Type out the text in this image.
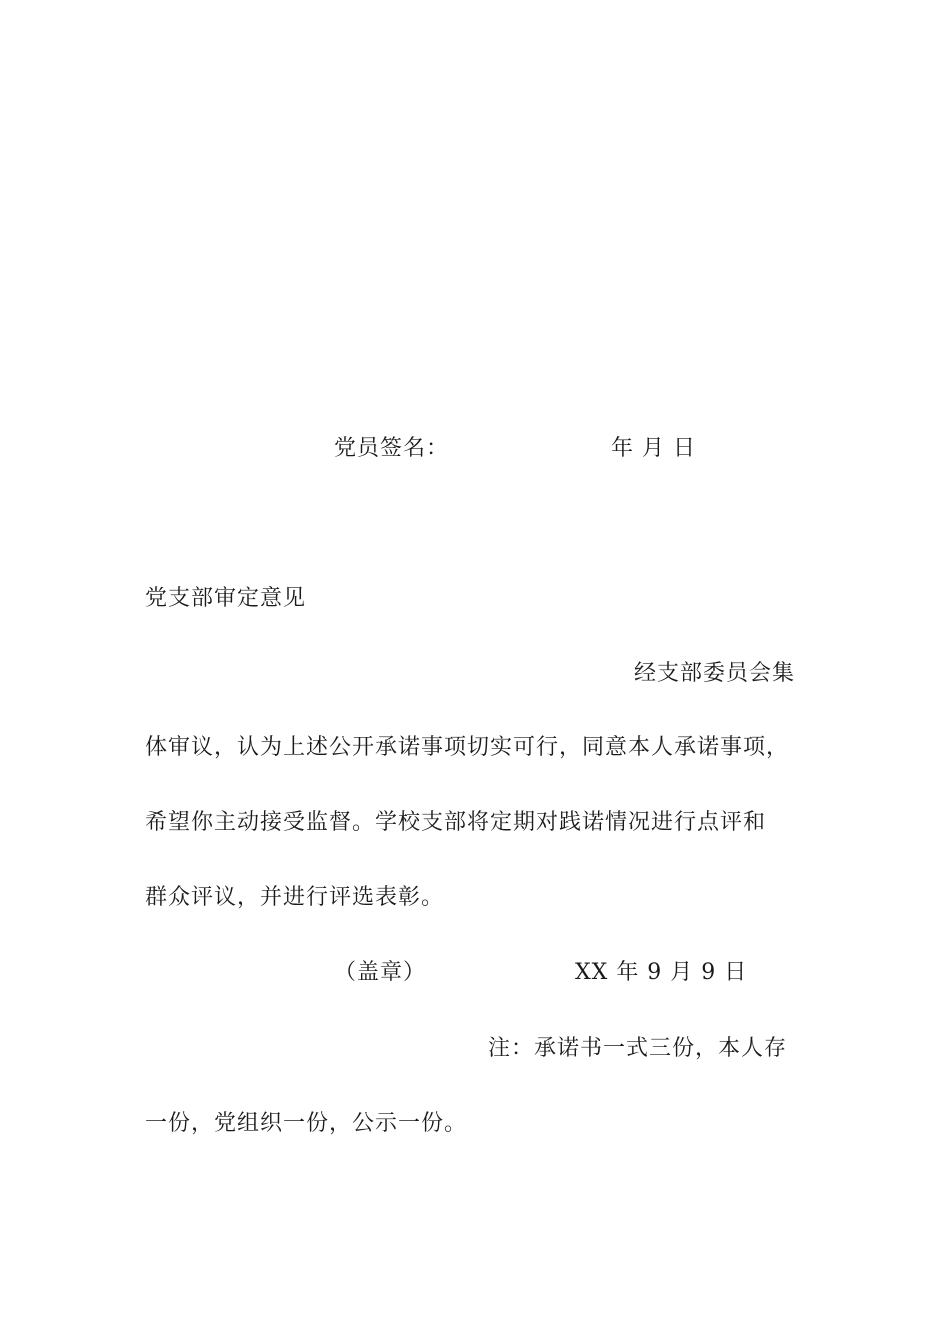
党员签名：	年 月 日
党支部审定意见
经支部委员会集
体审议，认为上述公开承诺事项切实可行，同意本人承诺事项，
希望你主动接受监督。学校支部将定期对践诺情况进行点评和
群众评议，并进行评选表彰。
（盖章）	XX 年 9 月 9 日
注：承诺书一式三份，本人存
一份，党组织一份，公示一份。
